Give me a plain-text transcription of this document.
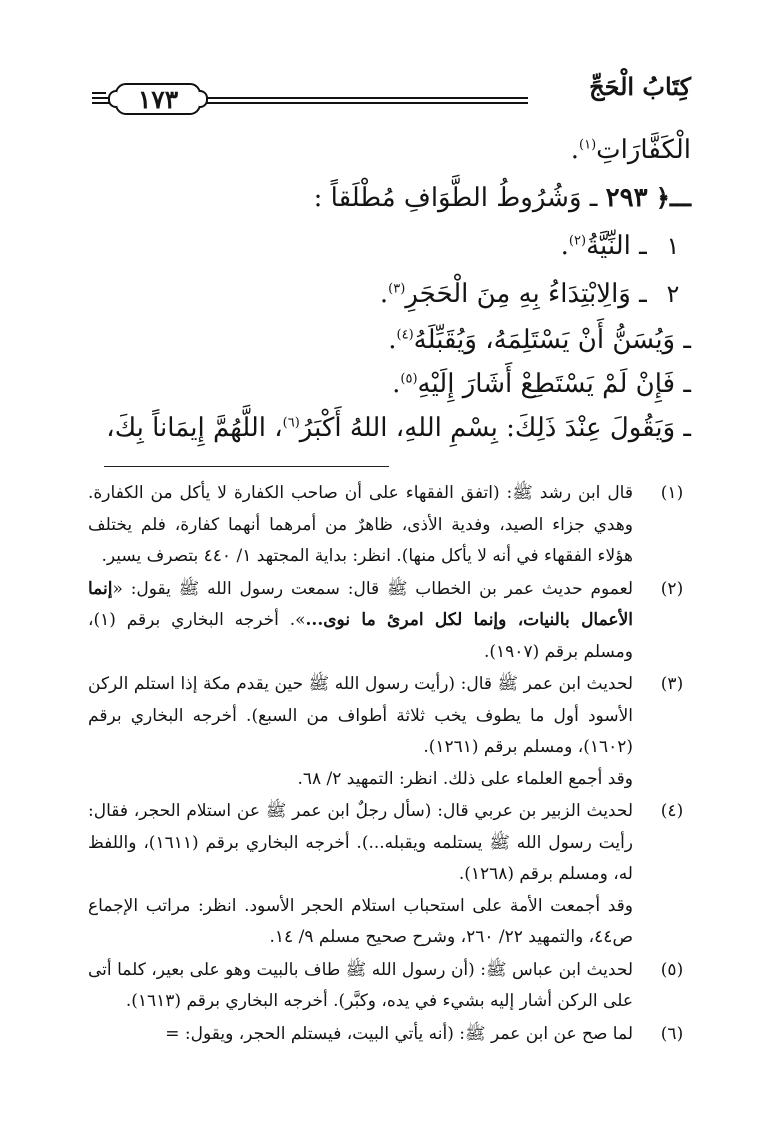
كِتَابُ الْحَجِّ
١٧٣
الْكَفَّارَاتِ$^{(١)}$.
ـــ﴿ ٢٩٣ ـ وَشُرُوطُ الطَّوَافِ مُطْلَقاً :
١ ـ النِّيَّةُ$^{(٢)}$.
٢ ـ وَالِابْتِدَاءُ بِهِ مِنَ الْحَجَرِ$^{(٣)}$.
ـ وَيُسَنُّ أَنْ يَسْتَلِمَهُ، وَيُقَبِّلَهُ$^{(٤)}$.
ـ فَإِنْ لَمْ يَسْتَطِعْ أَشَارَ إِلَيْهِ$^{(٥)}$.
ـ وَيَقُولَ عِنْدَ ذَلِكَ: بِسْمِ اللهِ، اللهُ أَكْبَرُ$^{(٦)}$، اللَّهُمَّ إِيمَاناً بِكَ،
(١)

قال ابن رشد ﷺ: (اتفق الفقهاء على أن صاحب الكفارة لا يأكل من الكفارة. وهدي جزاء الصيد، وفدية الأذى، ظاهرٌ من أمرهما أنهما كفارة، فلم يختلف هؤلاء الفقهاء في أنه لا يأكل منها). انظر: بداية المجتهد ١/ ٤٤٠ بتصرف يسير.

(٢)

لعموم حديث عمر بن الخطاب ﷺ قال: سمعت رسول الله ﷺ يقول: «إنما الأعمال بالنيات، وإنما لكل امرئ ما نوى...». أخرجه البخاري برقم (١)، ومسلم برقم (١٩٠٧).

(٣)

لحديث ابن عمر ﷺ قال: (رأيت رسول الله ﷺ حين يقدم مكة إذا استلم الركن الأسود أول ما يطوف يخب ثلاثة أطواف من السبع). أخرجه البخاري برقم (١٦٠٢)، ومسلم برقم (١٢٦١).

وقد أجمع العلماء على ذلك. انظر: التمهيد ٢/ ٦٨.

(٤)

لحديث الزبير بن عربي قال: (سأل رجلٌ ابن عمر ﷺ عن استلام الحجر، فقال: رأيت رسول الله ﷺ يستلمه ويقبله...). أخرجه البخاري برقم (١٦١١)، واللفظ له، ومسلم برقم (١٢٦٨).

وقد أجمعت الأمة على استحباب استلام الحجر الأسود. انظر: مراتب الإجماع ص٤٤، والتمهيد ٢٢/ ٢٦٠، وشرح صحيح مسلم ٩/ ١٤.

(٥)

لحديث ابن عباس ﷺ: (أن رسول الله ﷺ طاف بالبيت وهو على بعير، كلما أتى على الركن أشار إليه بشيء في يده، وكبَّر). أخرجه البخاري برقم (١٦١٣).

(٦)

لما صح عن ابن عمر ﷺ: (أنه يأتي البيت، فيستلم الحجر، ويقول: =
